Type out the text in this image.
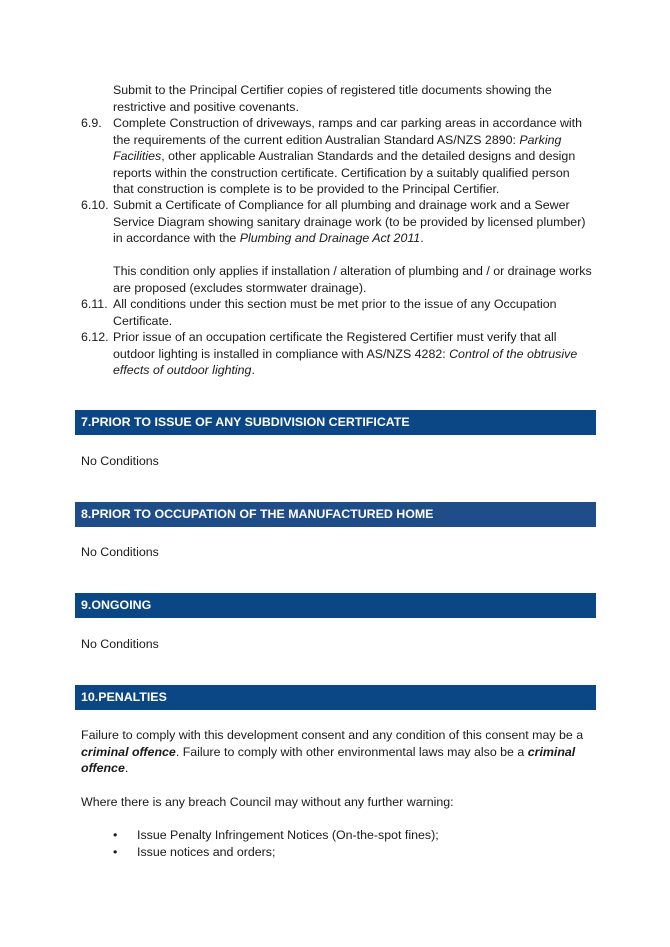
Submit to the Principal Certifier copies of registered title documents showing the restrictive and positive covenants.
6.9. Complete Construction of driveways, ramps and car parking areas in accordance with the requirements of the current edition Australian Standard AS/NZS 2890: Parking Facilities, other applicable Australian Standards and the detailed designs and design reports within the construction certificate. Certification by a suitably qualified person that construction is complete is to be provided to the Principal Certifier.
6.10. Submit a Certificate of Compliance for all plumbing and drainage work and a Sewer Service Diagram showing sanitary drainage work (to be provided by licensed plumber) in accordance with the Plumbing and Drainage Act 2011.
This condition only applies if installation / alteration of plumbing and / or drainage works are proposed (excludes stormwater drainage).
6.11. All conditions under this section must be met prior to the issue of any Occupation Certificate.
6.12. Prior issue of an occupation certificate the Registered Certifier must verify that all outdoor lighting is installed in compliance with AS/NZS 4282: Control of the obtrusive effects of outdoor lighting.
7.PRIOR TO ISSUE OF ANY SUBDIVISION CERTIFICATE
No Conditions
8.PRIOR TO OCCUPATION OF THE MANUFACTURED HOME
No Conditions
9.ONGOING
No Conditions
10.PENALTIES
Failure to comply with this development consent and any condition of this consent may be a criminal offence. Failure to comply with other environmental laws may also be a criminal offence.
Where there is any breach Council may without any further warning:
• Issue Penalty Infringement Notices (On-the-spot fines);
• Issue notices and orders;
